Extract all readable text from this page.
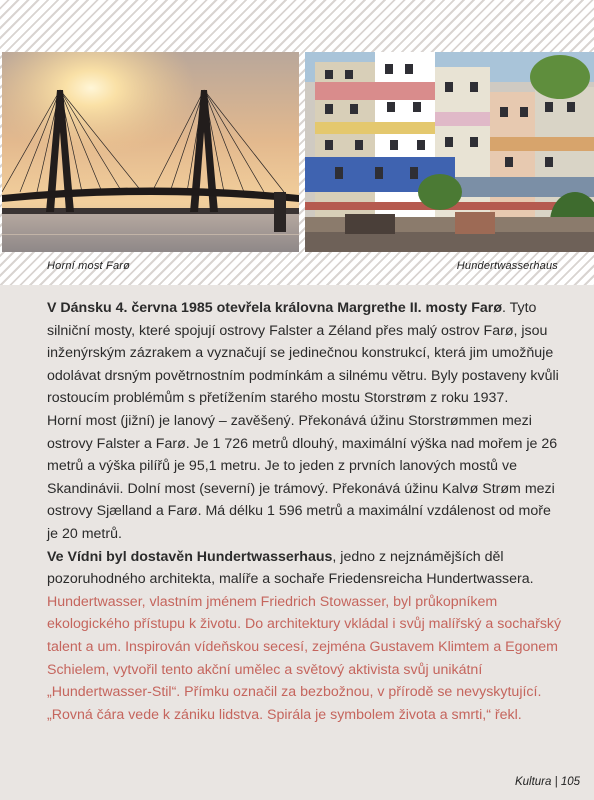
Horní most Farø	Hundertwasserhaus

V Dánsku 4. června 1985 otevřela královna Margrethe II. mosty Farø. Tyto silniční mosty, které spojují ostrovy Falster a Zéland přes malý ostrov Farø, jsou inženýrským zázrakem a vyznačují se jedinečnou konstrukcí, která jim umožňuje odolávat drsným povětrnostním podmínkám a silnému větru. Byly postaveny kvůli rostoucím problémům s přetížením starého mostu Storstrøm z roku 1937.

Horní most (jižní) je lanový – zavěšený. Překonává úžinu Storstrømmen mezi ostrovy Falster a Farø. Je 1 726 metrů dlouhý, maximální výška nad mořem je 26 metrů a výška pilířů je 95,1 metru. Je to jeden z prvních lanových mostů ve Skandinávii. Dolní most (severní) je trámový. Překonává úžinu Kalvø Strøm mezi ostrovy Sjælland a Farø. Má délku 1 596 metrů a maximální vzdálenost od moře je 20 metrů.

Ve Vídni byl dostavěn Hundertwasserhaus, jedno z nejznámějších děl pozoruhodného architekta, malíře a sochaře Friedensreicha Hundertwassera.

Hundertwasser, vlastním jménem Friedrich Stowasser, byl průkopníkem ekologického přístupu k životu. Do architektury vkládal i svůj malířský a sochařský talent a um. Inspirován vídeňskou secesí, zejména Gustavem Klimtem a Egonem Schielem, vytvořil tento akční umělec a světový aktivista svůj unikátní „Hundertwasser-Stil“. Přímku označil za bezbožnou, v přírodě se nevyskytující. „Rovná čára vede k zániku lidstva. Spirála je symbolem života a smrti,“ řekl.

Kultura | 105
